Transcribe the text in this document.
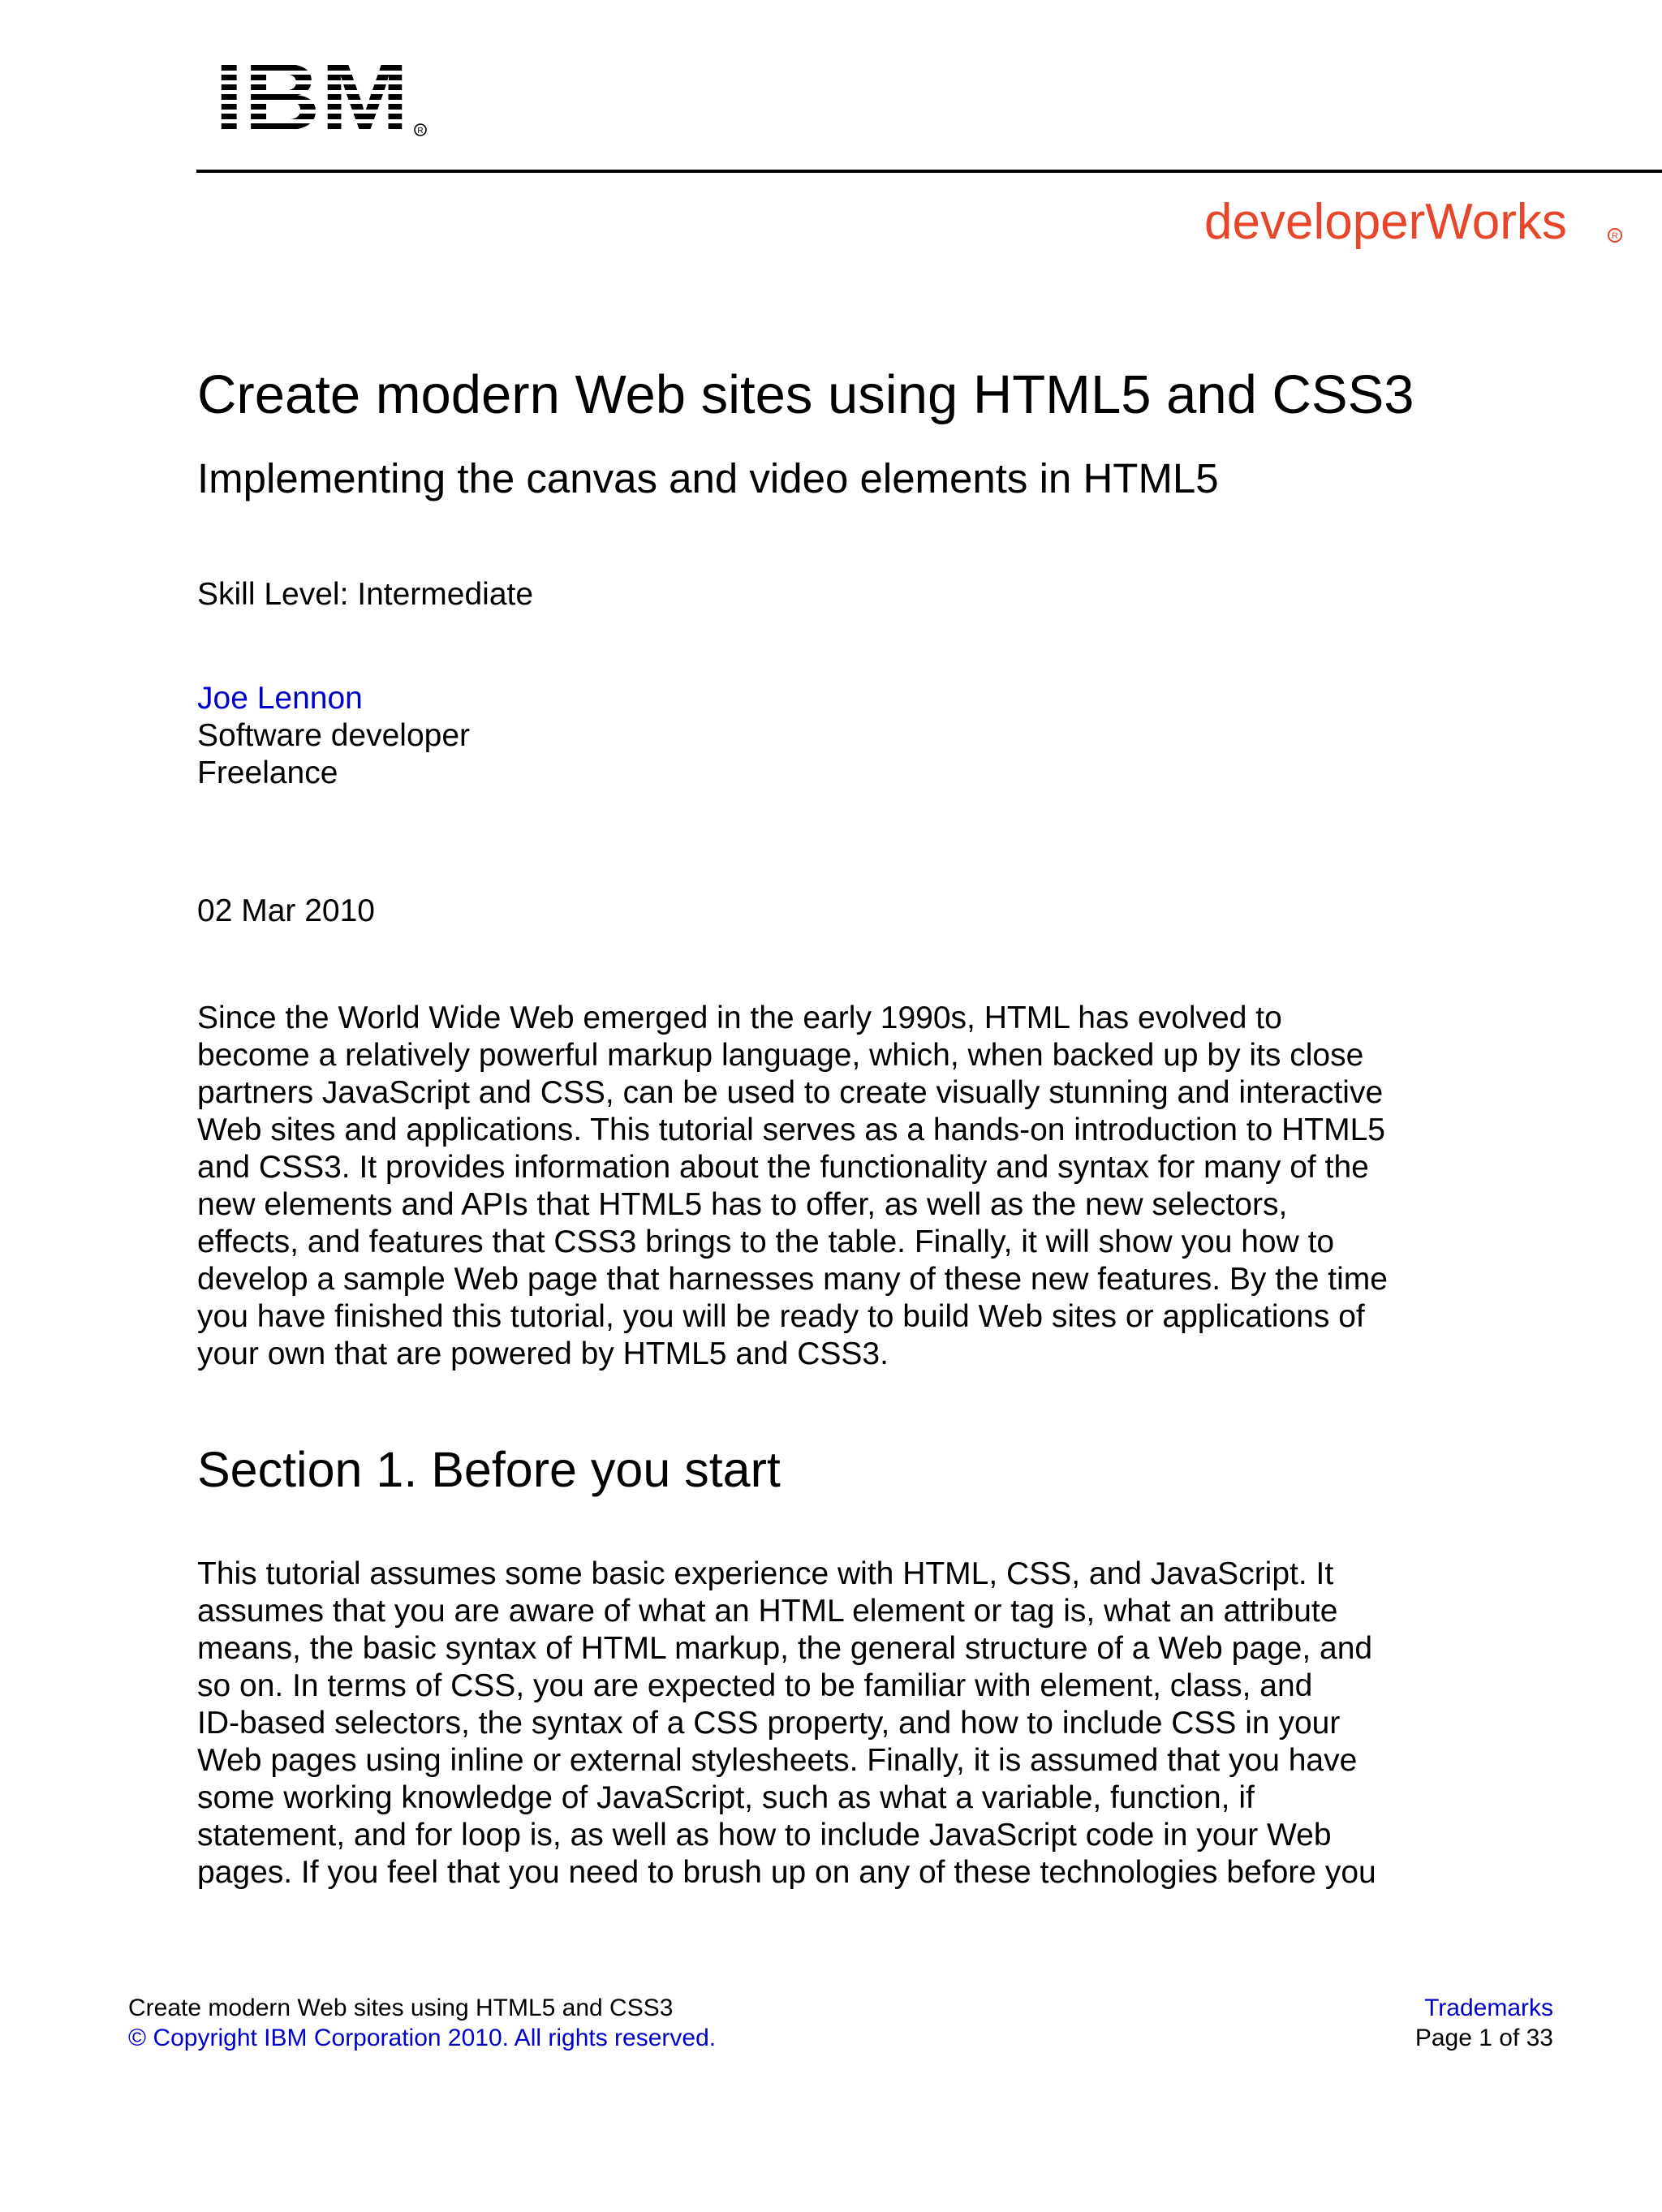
IBM R
developerWorks	R
Create modern Web sites using HTML5 and CSS3
Implementing the canvas and video elements in HTML5

Skill Level: Intermediate

Joe Lennon
Software developer
Freelance

02 Mar 2010

Since the World Wide Web emerged in the early 1990s, HTML has evolved to
become a relatively powerful markup language, which, when backed up by its close
partners JavaScript and CSS, can be used to create visually stunning and interactive
Web sites and applications. This tutorial serves as a hands-on introduction to HTML5
and CSS3. It provides information about the functionality and syntax for many of the
new elements and APIs that HTML5 has to offer, as well as the new selectors,
effects, and features that CSS3 brings to the table. Finally, it will show you how to
develop a sample Web page that harnesses many of these new features. By the time
you have finished this tutorial, you will be ready to build Web sites or applications of
your own that are powered by HTML5 and CSS3.

Section 1. Before you start

This tutorial assumes some basic experience with HTML, CSS, and JavaScript. It
assumes that you are aware of what an HTML element or tag is, what an attribute
means, the basic syntax of HTML markup, the general structure of a Web page, and
so on. In terms of CSS, you are expected to be familiar with element, class, and
ID-based selectors, the syntax of a CSS property, and how to include CSS in your
Web pages using inline or external stylesheets. Finally, it is assumed that you have
some working knowledge of JavaScript, such as what a variable, function, if
statement, and for loop is, as well as how to include JavaScript code in your Web
pages. If you feel that you need to brush up on any of these technologies before you

Create modern Web sites using HTML5 and CSS3	Trademarks
© Copyright IBM Corporation 2010. All rights reserved.	Page 1 of 33
